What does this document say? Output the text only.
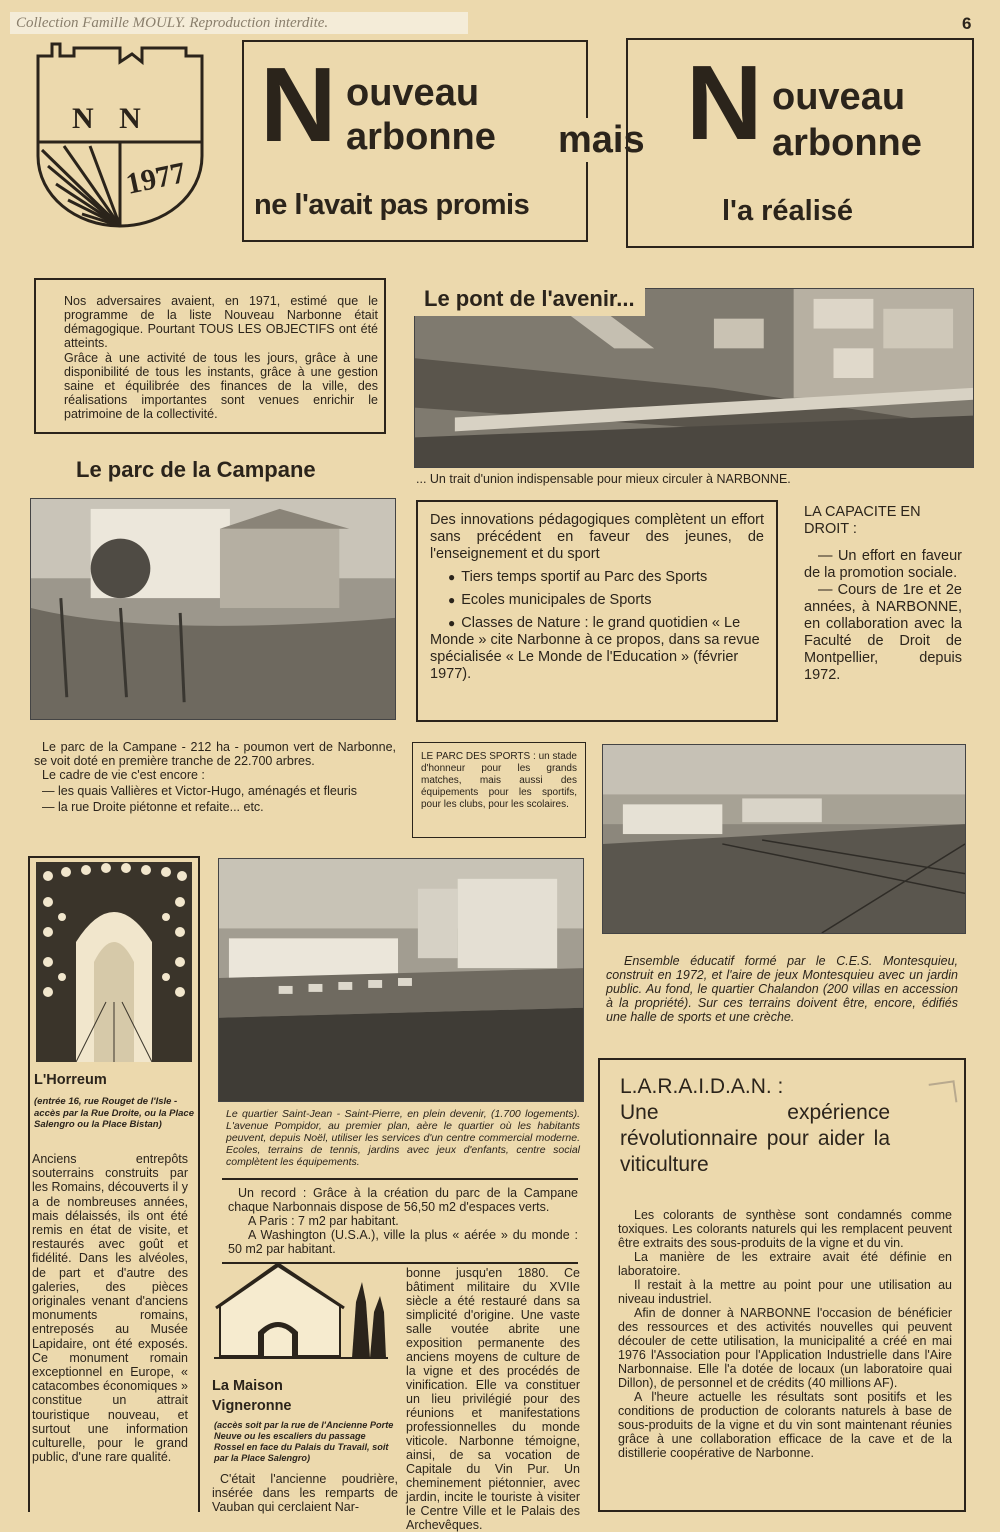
Collection Famille MOULY. Reproduction interdite.	6
N N
1977
N ouveau
arbonne
ne l'avait pas promis
mais N ouveau
arbonne
l'a réalisé

Nos adversaires avaient, en 1971, estimé que le programme de la liste Nouveau Narbonne était démagogique. Pourtant TOUS LES OBJECTIFS ont été atteints.

Grâce à une activité de tous les jours, grâce à une disponibilité de tous les instants, grâce à une gestion saine et équilibrée des finances de la ville, des réalisations importantes sont venues enrichir le patrimoine de la collectivité.

Le pont de l'avenir...
... Un trait d'union indispensable pour mieux circuler à NARBONNE.
Le parc de la Campane

Le parc de la Campane - 212 ha - poumon vert de Narbonne, se voit doté en première tranche de 22.700 arbres.

Le cadre de vie c'est encore :

— les quais Vallières et Victor-Hugo, aménagés et fleuris

— la rue Droite piétonne et refaite... etc.

Des innovations pédagogiques complètent un effort sans précédent en faveur des jeunes, de l'enseignement et du sport

● Tiers temps sportif au Parc des Sports
● Ecoles municipales de Sports
● Classes de Nature : le grand quotidien « Le Monde » cite Narbonne à ce propos, dans sa revue spécialisée « Le Monde de l'Education » (février 1977).

LA CAPACITE EN DROIT :

— Un effort en faveur de la promotion sociale.

— Cours de 1re et 2e années, à NARBONNE, en collaboration avec la Faculté de Droit de Montpellier, depuis 1972.

LE PARC DES SPORTS : un stade d'honneur pour les grands matches, mais aussi des équipements pour les sportifs, pour les clubs, pour les scolaires.

Ensemble éducatif formé par le C.E.S. Montesquieu, construit en 1972, et l'aire de jeux Montesquieu avec un jardin public. Au fond, le quartier Chalandon (200 villas en accession à la propriété). Sur ces terrains doivent être, encore, édifiés une halle de sports et une crèche.
L'Horreum
(entrée 16, rue Rouget de l'Isle - accès par la Rue Droite, ou la Place Salengro ou la Place Bistan)
Anciens entrepôts souterrains construits par les Romains, découverts il y a de nombreuses années, mais délaissés, ils ont été remis en état de visite, et restaurés avec goût et fidélité. Dans les alvéoles, de part et d'autre des galeries, des pièces originales venant d'anciens monuments romains, entreposés au Musée Lapidaire, ont été exposés. Ce monument romain exceptionnel en Europe, « catacombes économiques » constitue un attrait touristique nouveau, et surtout une information culturelle, pour le grand public, d'une rare qualité.
Le quartier Saint-Jean - Saint-Pierre, en plein devenir, (1.700 logements). L'avenue Pompidor, au premier plan, aère le quartier où les habitants peuvent, depuis Noël, utiliser les services d'un centre commercial moderne. Ecoles, terrains de tennis, jardins avec jeux d'enfants, centre social complètent les équipements.

Un record : Grâce à la création du parc de la Campane chaque Narbonnais dispose de 56,50 m2 d'espaces verts.

A Paris : 7 m2 par habitant.

A Washington (U.S.A.), ville la plus « aérée » du monde : 50 m2 par habitant.

La Maison Vigneronne
(accès soit par la rue de l'Ancienne Porte Neuve ou les escaliers du passage Rossel en face du Palais du Travail, soit par la Place Salengro)
C'était l'ancienne poudrière, insérée dans les remparts de Vauban qui cerclaient Nar-
bonne jusqu'en 1880. Ce bâtiment militaire du XVIIe siècle a été restauré dans sa simplicité d'origine. Une vaste salle voutée abrite une exposition permanente des anciens moyens de culture de la vigne et des procédés de vinification. Elle va constituer un lieu privilégié pour des réunions et manifestations professionnelles du monde viticole. Narbonne témoigne, ainsi, de sa vocation de Capitale du Vin Pur. Un cheminement piétonnier, avec jardin, incite le touriste à visiter le Centre Ville et le Palais des Archevêques.

L.A.R.A.I.D.A.N. :

Une expérience révolutionnaire pour aider la viticulture

Les colorants de synthèse sont condamnés comme toxiques. Les colorants naturels qui les remplacent peuvent être extraits des sous-produits de la vigne et du vin.

La manière de les extraire avait été définie en laboratoire.

Il restait à la mettre au point pour une utilisation au niveau industriel.

Afin de donner à NARBONNE l'occasion de bénéficier des ressources et des activités nouvelles qui peuvent découler de cette utilisation, la municipalité a créé en mai 1976 l'Association pour l'Application Industrielle dans l'Aire Narbonnaise. Elle l'a dotée de locaux (un laboratoire quai Dillon), de personnel et de crédits (40 millions AF).

A l'heure actuelle les résultats sont positifs et les conditions de production de colorants naturels à base de sous-produits de la vigne et du vin sont maintenant réunies grâce à une collaboration efficace de la cave et de la distillerie coopérative de Narbonne.
